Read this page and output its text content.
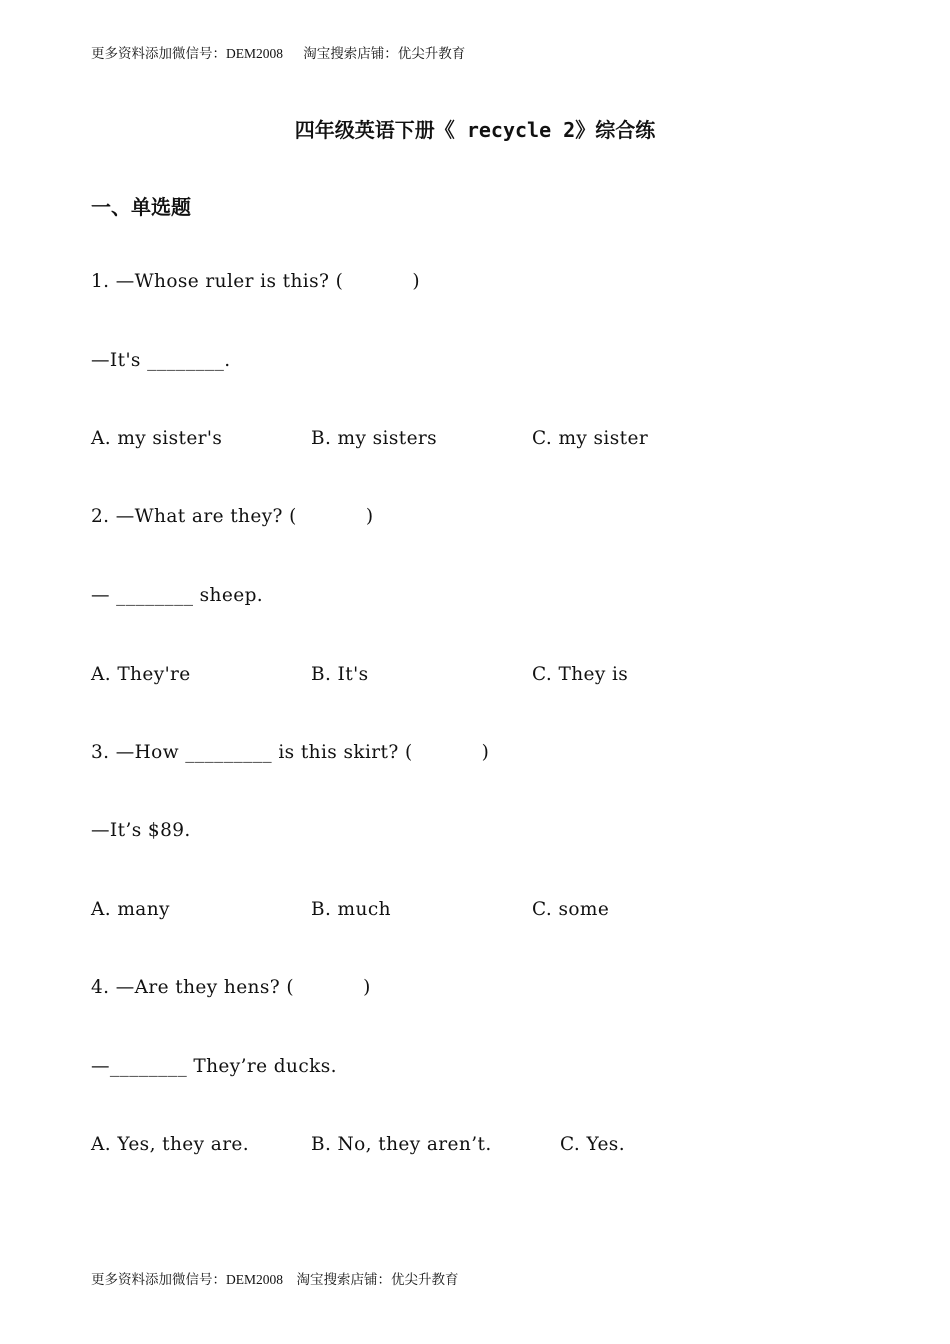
更多资料添加微信号：DEM2008      淘宝搜索店铺：优尖升教育
四年级英语下册《 recycle 2》综合练
一、单选题
1. —Whose ruler is this? (           )
—It's ________.
A. my sister's	B. my sisters	C. my sister
2. —What are they? (           )
— ________ sheep.
A. They're	B. It's	C. They is
3. —How _________ is this skirt? (           )
—It’s $89.
A. many	B. much	C. some
4. —Are they hens? (           )
—________ They’re ducks.
A. Yes, they are.	B. No, they aren’t.	C. Yes.
更多资料添加微信号：DEM2008    淘宝搜索店铺：优尖升教育
